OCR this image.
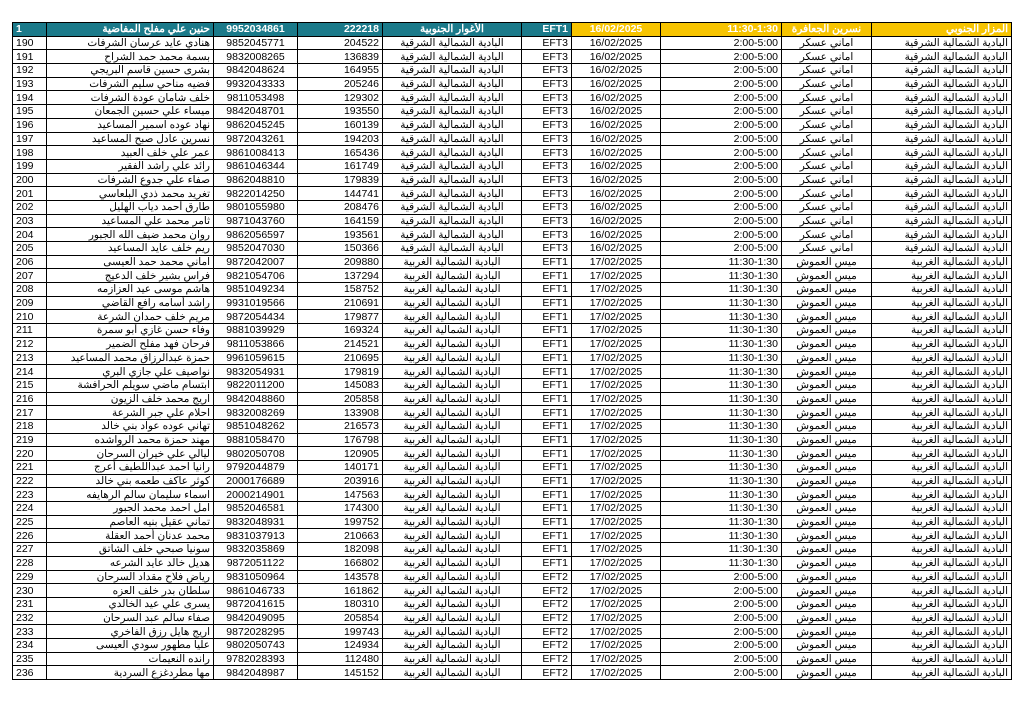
1	حنين علي مفلح المفاضية	9952034861	222218	الأغوار الجنوبية	EFT1	16/02/2025	11:30-1:30	نسرين الجعافرة	المزار الجنوبي
190	هنادي عايد عرسان الشرفات	9852045771	204522	البادية الشمالية الشرقية	EFT3	16/02/2025	2:00-5:00	اماني عسكر	البادية الشمالية الشرقية
191	بسمة محمد حمد الشراح	9832008265	136839	البادية الشمالية الشرقية	EFT3	16/02/2025	2:00-5:00	اماني عسكر	البادية الشمالية الشرقية
192	بشرى حسين قاسم البريجي	9842048624	164955	البادية الشمالية الشرقية	EFT3	16/02/2025	2:00-5:00	اماني عسكر	البادية الشمالية الشرقية
193	فضيه مناحي سليم الشرفات	9932043333	205246	البادية الشمالية الشرقية	EFT3	16/02/2025	2:00-5:00	اماني عسكر	البادية الشمالية الشرقية
194	خلف شامان عودة الشرفات	9811053498	129302	البادية الشمالية الشرقية	EFT3	16/02/2025	2:00-5:00	اماني عسكر	البادية الشمالية الشرقية
195	ميساء علي حسين الجمعان	9842048701	193550	البادية الشمالية الشرقية	EFT3	16/02/2025	2:00-5:00	اماني عسكر	البادية الشمالية الشرقية
196	نهاد عوده اسمير المساعيد	9862045245	160139	البادية الشمالية الشرقية	EFT3	16/02/2025	2:00-5:00	اماني عسكر	البادية الشمالية الشرقية
197	نسرين عادل صبح المساعيد	9872043261	194203	البادية الشمالية الشرقية	EFT3	16/02/2025	2:00-5:00	اماني عسكر	البادية الشمالية الشرقية
198	عمر علي خلف العبيد	9861008413	165436	البادية الشمالية الشرقية	EFT3	16/02/2025	2:00-5:00	اماني عسكر	البادية الشمالية الشرقية
199	رائد علي راشد الفقير	9861046344	161749	البادية الشمالية الشرقية	EFT3	16/02/2025	2:00-5:00	اماني عسكر	البادية الشمالية الشرقية
200	صفاء علي جدوع الشرفات	9862048810	179839	البادية الشمالية الشرقية	EFT3	16/02/2025	2:00-5:00	اماني عسكر	البادية الشمالية الشرقية
201	تغريد محمد ذدي البلعاسي	9822014250	144741	البادية الشمالية الشرقية	EFT3	16/02/2025	2:00-5:00	اماني عسكر	البادية الشمالية الشرقية
202	طارق أحمد دياب الهليل	9801055980	208476	البادية الشمالية الشرقية	EFT3	16/02/2025	2:00-5:00	اماني عسكر	البادية الشمالية الشرقية
203	ثامر محمد علي المساعيد	9871043760	164159	البادية الشمالية الشرقية	EFT3	16/02/2025	2:00-5:00	اماني عسكر	البادية الشمالية الشرقية
204	روان محمد ضيف الله الجبور	9862056597	193561	البادية الشمالية الشرقية	EFT3	16/02/2025	2:00-5:00	اماني عسكر	البادية الشمالية الشرقية
205	ريم خلف عايد المساعيد	9852047030	150366	البادية الشمالية الشرقية	EFT3	16/02/2025	2:00-5:00	اماني عسكر	البادية الشمالية الشرقية
206	اماني محمد حمد العيسى	9872042007	209880	البادية الشمالية الغربية	EFT1	17/02/2025	11:30-1:30	ميس العموش	البادية الشمالية الغربية
207	فراس بشير خلف الدعيج	9821054706	137294	البادية الشمالية الغربية	EFT1	17/02/2025	11:30-1:30	ميس العموش	البادية الشمالية الغربية
208	هاشم موسى عيد العزازمه	9851049234	158752	البادية الشمالية الغربية	EFT1	17/02/2025	11:30-1:30	ميس العموش	البادية الشمالية الغربية
209	راشد أسامه رافع القاضي	9931019566	210691	البادية الشمالية الغربية	EFT1	17/02/2025	11:30-1:30	ميس العموش	البادية الشمالية الغربية
210	مريم خلف حمدان الشرعة	9872054434	179877	البادية الشمالية الغربية	EFT1	17/02/2025	11:30-1:30	ميس العموش	البادية الشمالية الغربية
211	وفاء حسن غازي أبو سمرة	9881039929	169324	البادية الشمالية الغربية	EFT1	17/02/2025	11:30-1:30	ميس العموش	البادية الشمالية الغربية
212	فرحان فهد مفلح الضمير	9811053866	214521	البادية الشمالية الغربية	EFT1	17/02/2025	11:30-1:30	ميس العموش	البادية الشمالية الغربية
213	حمزة عبدالرزاق محمد المساعيد	9961059615	210695	البادية الشمالية الغربية	EFT1	17/02/2025	11:30-1:30	ميس العموش	البادية الشمالية الغربية
214	نواصيف علي جازي البري	9832054931	179819	البادية الشمالية الغربية	EFT1	17/02/2025	11:30-1:30	ميس العموش	البادية الشمالية الغربية
215	ابتسام ماضي سويلم الحرافشة	9822011200	145083	البادية الشمالية الغربية	EFT1	17/02/2025	11:30-1:30	ميس العموش	البادية الشمالية الغربية
216	اريج محمد خلف الزيون	9842048860	205858	البادية الشمالية الغربية	EFT1	17/02/2025	11:30-1:30	ميس العموش	البادية الشمالية الغربية
217	احلام علي جبر الشرعة	9832008269	133908	البادية الشمالية الغربية	EFT1	17/02/2025	11:30-1:30	ميس العموش	البادية الشمالية الغربية
218	تهاني عوده عواد بني خالد	9851048262	216573	البادية الشمالية الغربية	EFT1	17/02/2025	11:30-1:30	ميس العموش	البادية الشمالية الغربية
219	مهند حمزة محمد الرواشده	9881058470	176798	البادية الشمالية الغربية	EFT1	17/02/2025	11:30-1:30	ميس العموش	البادية الشمالية الغربية
220	ليالي علي خيران السرحان	9802050708	120905	البادية الشمالية الغربية	EFT1	17/02/2025	11:30-1:30	ميس العموش	البادية الشمالية الغربية
221	رانيا احمد عبداللطيف أعرج	9792044879	140171	البادية الشمالية الغربية	EFT1	17/02/2025	11:30-1:30	ميس العموش	البادية الشمالية الغربية
222	كوثر عاكف طعمه بني خالد	2000176689	203916	البادية الشمالية الغربية	EFT1	17/02/2025	11:30-1:30	ميس العموش	البادية الشمالية الغربية
223	اسماء سليمان سالم الرهايفه	2000214901	147563	البادية الشمالية الغربية	EFT1	17/02/2025	11:30-1:30	ميس العموش	البادية الشمالية الغربية
224	امل احمد محمد الجبور	9852046581	174300	البادية الشمالية الغربية	EFT1	17/02/2025	11:30-1:30	ميس العموش	البادية الشمالية الغربية
225	تماني عقيل بنيه العاصم	9832048931	199752	البادية الشمالية الغربية	EFT1	17/02/2025	11:30-1:30	ميس العموش	البادية الشمالية الغربية
226	محمد عدنان أحمد العقلة	9831037913	210663	البادية الشمالية الغربية	EFT1	17/02/2025	11:30-1:30	ميس العموش	البادية الشمالية الغربية
227	سونيا صبحي خلف الشاتق	9832035869	182098	البادية الشمالية الغربية	EFT1	17/02/2025	11:30-1:30	ميس العموش	البادية الشمالية الغربية
228	هديل خالد عايد الشرعه	9872051122	166802	البادية الشمالية الغربية	EFT1	17/02/2025	11:30-1:30	ميس العموش	البادية الشمالية الغربية
229	رياض فلاح مقداد السرحان	9831050964	143578	البادية الشمالية الغربية	EFT2	17/02/2025	2:00-5:00	ميس العموش	البادية الشمالية الغربية
230	سلطان بدر خلف العزه	9861046733	161862	البادية الشمالية الغربية	EFT2	17/02/2025	2:00-5:00	ميس العموش	البادية الشمالية الغربية
231	يسرى علي عيد الخالدي	9872041615	180310	البادية الشمالية الغربية	EFT2	17/02/2025	2:00-5:00	ميس العموش	البادية الشمالية الغربية
232	صفاء سالم عبد السرحان	9842049095	205854	البادية الشمالية الغربية	EFT2	17/02/2025	2:00-5:00	ميس العموش	البادية الشمالية الغربية
233	اريج هايل رزق الفاخري	9872028295	199743	البادية الشمالية الغربية	EFT2	17/02/2025	2:00-5:00	ميس العموش	البادية الشمالية الغربية
234	عليا مطهور سودي العيسى	9802050743	124934	البادية الشمالية الغربية	EFT2	17/02/2025	2:00-5:00	ميس العموش	البادية الشمالية الغربية
235	رانده النعيمات	9782028393	112480	البادية الشمالية الغربية	EFT2	17/02/2025	2:00-5:00	ميس العموش	البادية الشمالية الغربية
236	مها مطردغزع السردية	9842048987	145152	البادية الشمالية الغربية	EFT2	17/02/2025	2:00-5:00	ميس العموش	البادية الشمالية الغربية
